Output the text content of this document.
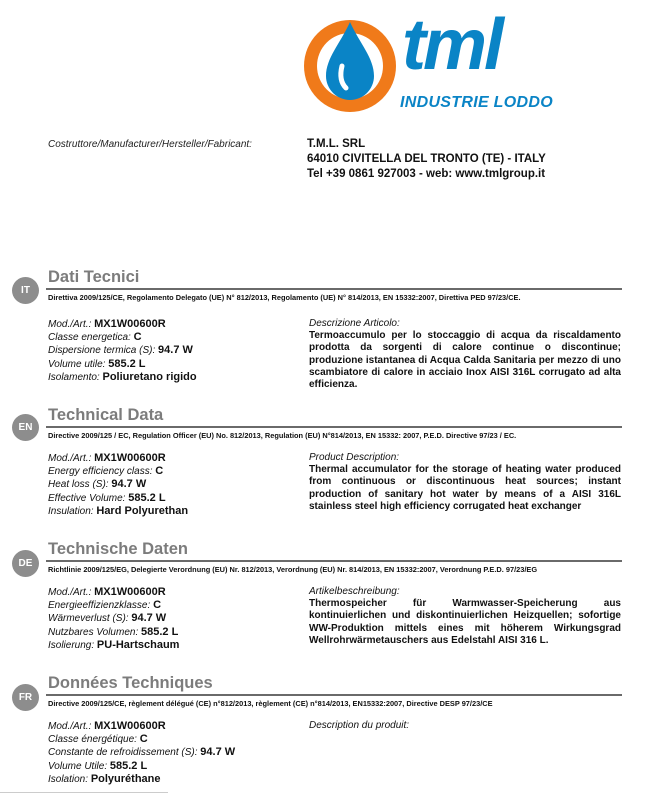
tml
INDUSTRIE LODDO
Costruttore/Manufacturer/Hersteller/Fabricant:	T.M.L. SRL
64010 CIVITELLA DEL TRONTO (TE) - ITALY
Tel +39 0861 927003 - web: www.tmlgroup.it
IT
Dati Tecnici
Direttiva 2009/125/CE, Regolamento Delegato (UE) N° 812/2013, Regolamento (UE) N° 814/2013, EN 15332:2007, Direttiva PED 97/23/CE.
Mod./Art.: MX1W00600R
Classe energetica: C
Dispersione termica (S): 94.7 W
Volume utile: 585.2 L
Isolamento: Poliuretano rigido
Descrizione Articolo:
Termoaccumulo per lo stoccaggio di acqua da riscaldamento prodotta da sorgenti di calore continue o discontinue; produzione istantanea di Acqua Calda Sanitaria per mezzo di uno scambiatore di calore in acciaio Inox AISI 316L corrugato ad alta efficienza.
EN
Technical Data
Directive 2009/125 / EC, Regulation Officer (EU) No. 812/2013, Regulation (EU) N°814/2013, EN 15332: 2007, P.E.D. Directive 97/23 / EC.
Mod./Art.: MX1W00600R
Energy efficiency class: C
Heat loss (S): 94.7 W
Effective Volume: 585.2 L
Insulation: Hard Polyurethan
Product Description:
Thermal accumulator for the storage of heating water produced from continuous or discontinuous heat sources; instant production of sanitary hot water by means of a AISI 316L stainless steel high efficiency corrugated heat exchanger
DE
Technische Daten
Richtlinie 2009/125/EG, Delegierte Verordnung (EU) Nr. 812/2013, Verordnung (EU) Nr. 814/2013, EN 15332:2007, Verordnung P.E.D. 97/23/EG
Mod./Art.: MX1W00600R
Energieeffizienzklasse: C
Wärmeverlust (S): 94.7 W
Nutzbares Volumen: 585.2 L
Isolierung: PU-Hartschaum
Artikelbeschreibung:
Thermospeicher für Warmwasser-Speicherung aus kontinuierlichen und diskontinuierlichen Heizquellen; sofortige WW-Produktion mittels eines mit höherem Wirkungsgrad Wellrohrwärmetauschers aus Edelstahl AISI 316 L.
FR
Données Techniques
Directive 2009/125/CE, règlement délégué (CE) n°812/2013, règlement (CE) n°814/2013, EN15332:2007, Directive DESP 97/23/CE
Mod./Art.: MX1W00600R
Classe énergétique: C
Constante de refroidissement (S): 94.7 W
Volume Utile: 585.2 L
Isolation: Polyuréthane
Description du produit:
